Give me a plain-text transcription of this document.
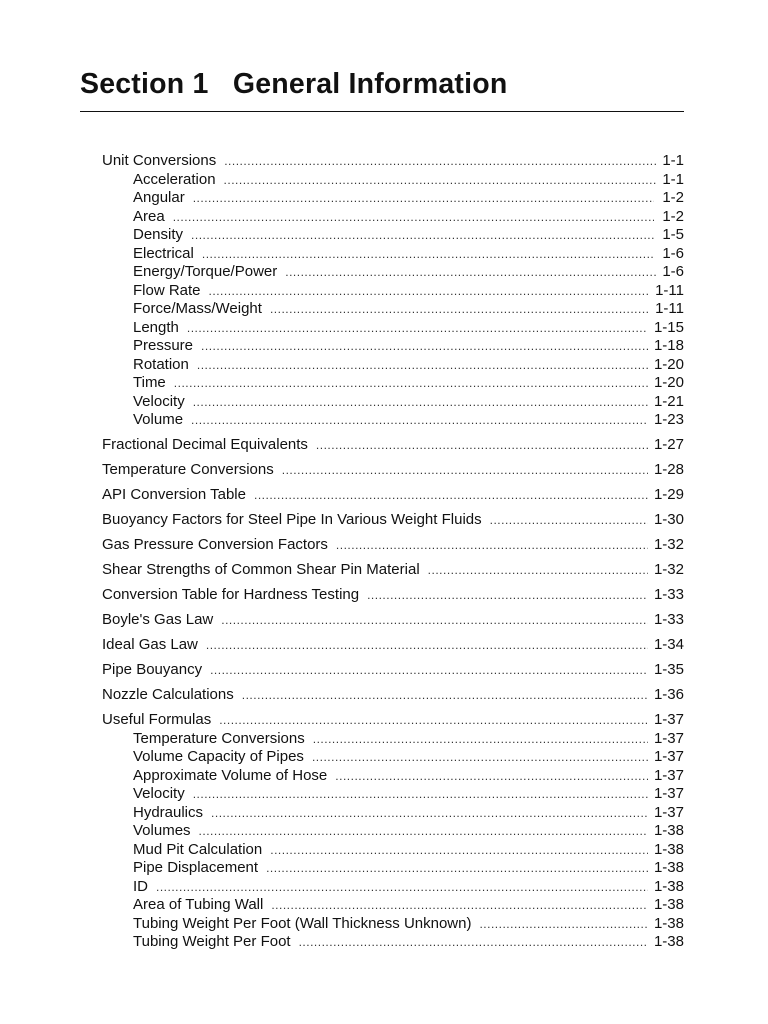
Section 1   General Information
Unit Conversions .....	1-1
Acceleration .....	1-1
Angular .....	1-2
Area .....	1-2
Density .....	1-5
Electrical .....	1-6
Energy/Torque/Power .....	1-6
Flow Rate .....	1-11
Force/Mass/Weight .....	1-11
Length .....	1-15
Pressure .....	1-18
Rotation .....	1-20
Time .....	1-20
Velocity .....	1-21
Volume .....	1-23
Fractional Decimal Equivalents .....	1-27
Temperature Conversions .....	1-28
API Conversion Table .....	1-29
Buoyancy Factors for Steel Pipe In Various Weight Fluids .....	1-30
Gas Pressure Conversion Factors .....	1-32
Shear Strengths of Common Shear Pin Material .....	1-32
Conversion Table for Hardness Testing .....	1-33
Boyle's Gas Law .....	1-33
Ideal Gas Law .....	1-34
Pipe Bouyancy .....	1-35
Nozzle Calculations .....	1-36
Useful Formulas .....	1-37
Temperature Conversions .....	1-37
Volume Capacity of Pipes .....	1-37
Approximate Volume of Hose .....	1-37
Velocity .....	1-37
Hydraulics .....	1-37
Volumes .....	1-38
Mud Pit Calculation .....	1-38
Pipe Displacement .....	1-38
ID .....	1-38
Area of Tubing Wall .....	1-38
Tubing Weight Per Foot (Wall Thickness Unknown) .....	1-38
Tubing Weight Per Foot .....	1-38
